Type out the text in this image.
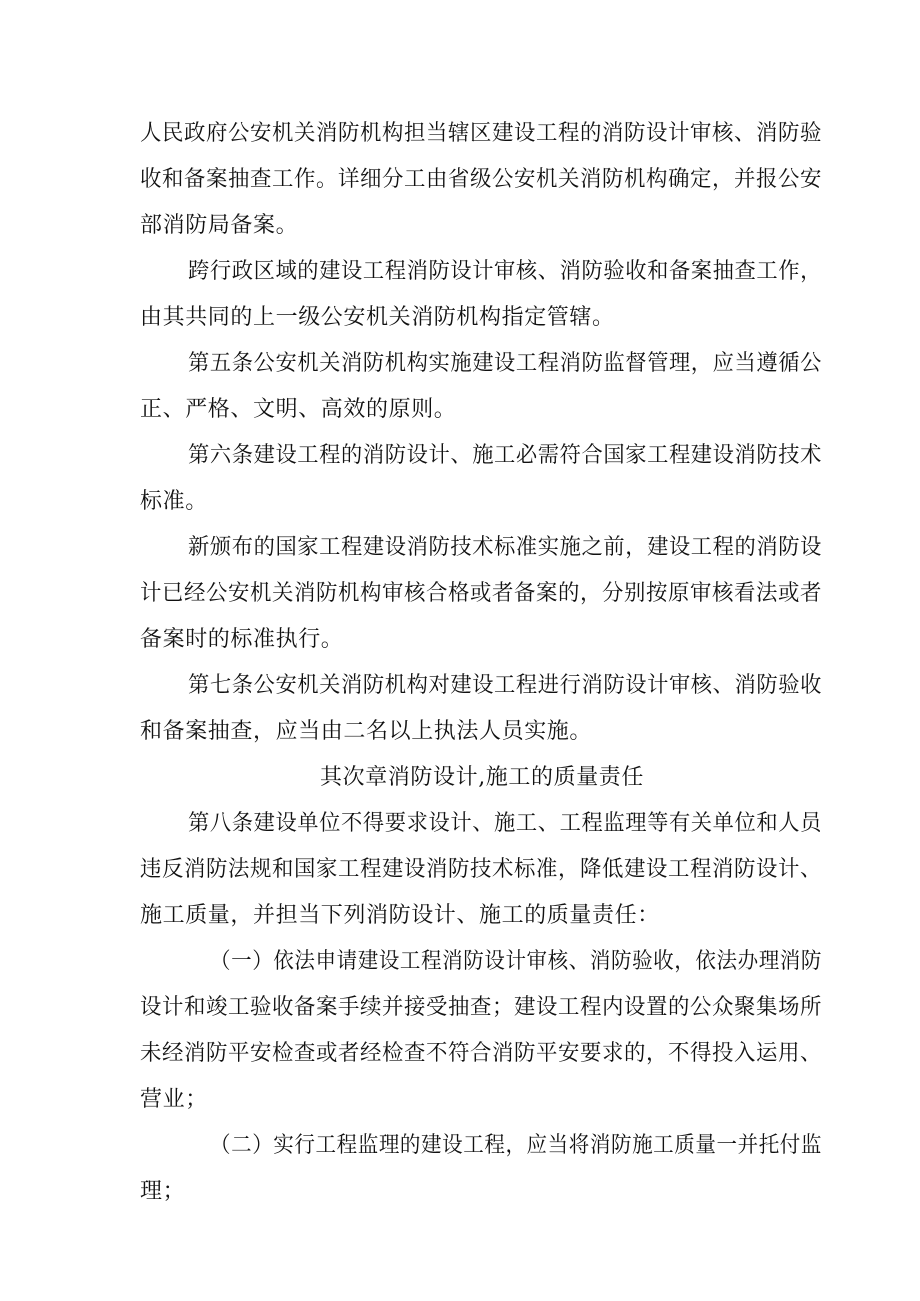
人民政府公安机关消防机构担当辖区建设工程的消防设计审核、消防验
收和备案抽查工作。详细分工由省级公安机关消防机构确定，并报公安
部消防局备案。
跨行政区域的建设工程消防设计审核、消防验收和备案抽查工作，
由其共同的上一级公安机关消防机构指定管辖。
第五条公安机关消防机构实施建设工程消防监督管理，应当遵循公
正、严格、文明、高效的原则。
第六条建设工程的消防设计、施工必需符合国家工程建设消防技术
标准。
新颁布的国家工程建设消防技术标准实施之前，建设工程的消防设
计已经公安机关消防机构审核合格或者备案的，分别按原审核看法或者
备案时的标准执行。
第七条公安机关消防机构对建设工程进行消防设计审核、消防验收
和备案抽查，应当由二名以上执法人员实施。
其次章消防设计,施工的质量责任
第八条建设单位不得要求设计、施工、工程监理等有关单位和人员
违反消防法规和国家工程建设消防技术标准，降低建设工程消防设计、
施工质量，并担当下列消防设计、施工的质量责任：
（一）依法申请建设工程消防设计审核、消防验收，依法办理消防
设计和竣工验收备案手续并接受抽查；建设工程内设置的公众聚集场所
未经消防平安检查或者经检查不符合消防平安要求的，不得投入运用、
营业；
（二）实行工程监理的建设工程，应当将消防施工质量一并托付监
理；
